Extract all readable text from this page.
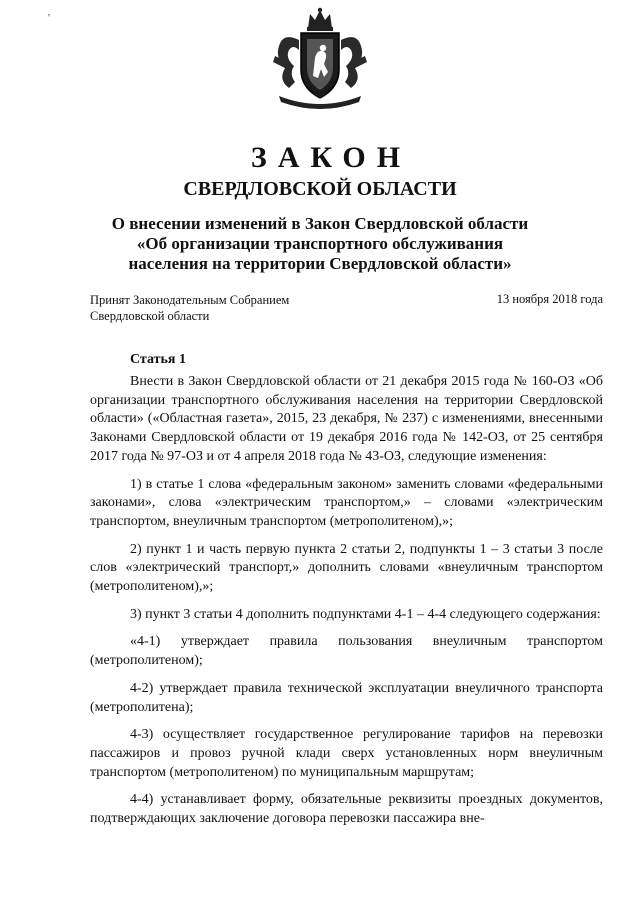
'
ЗАКОН
СВЕРДЛОВСКОЙ ОБЛАСТИ
О внесении изменений в Закон Свердловской области
«Об организации транспортного обслуживания
населения на территории Свердловской области»
Принят Законодательным Собранием
Свердловской области
13 ноября 2018 года
Статья 1

Внести в Закон Свердловской области от 21 декабря 2015 года № 160-ОЗ «Об организации транспортного обслуживания населения на территории Свердловской области» («Областная газета», 2015, 23 декабря, № 237) с изменениями, внесенными Законами Свердловской области от 19 декабря 2016 года № 142-ОЗ, от 25 сентября 2017 года № 97-ОЗ и от 4 апреля 2018 года № 43-ОЗ, следующие изменения:

1) в статье 1 слова «федеральным законом» заменить словами «федеральными законами», слова «электрическим транспортом,» – словами «электрическим транспортом, внеуличным транспортом (метрополитеном),»;

2) пункт 1 и часть первую пункта 2 статьи 2, подпункты 1 – 3 статьи 3 после слов «электрический транспорт,» дополнить словами «внеуличным транспортом (метрополитеном),»;

3) пункт 3 статьи 4 дополнить подпунктами 4-1 – 4-4 следующего содержания:

«4-1) утверждает правила пользования внеуличным транспортом (метрополитеном);

4-2) утверждает правила технической эксплуатации внеуличного транспорта (метрополитена);

4-3) осуществляет государственное регулирование тарифов на перевозки пассажиров и провоз ручной клади сверх установленных норм внеуличным транспортом (метрополитеном) по муниципальным маршрутам;

4-4) устанавливает форму, обязательные реквизиты проездных документов, подтверждающих заключение договора перевозки пассажира вне-
